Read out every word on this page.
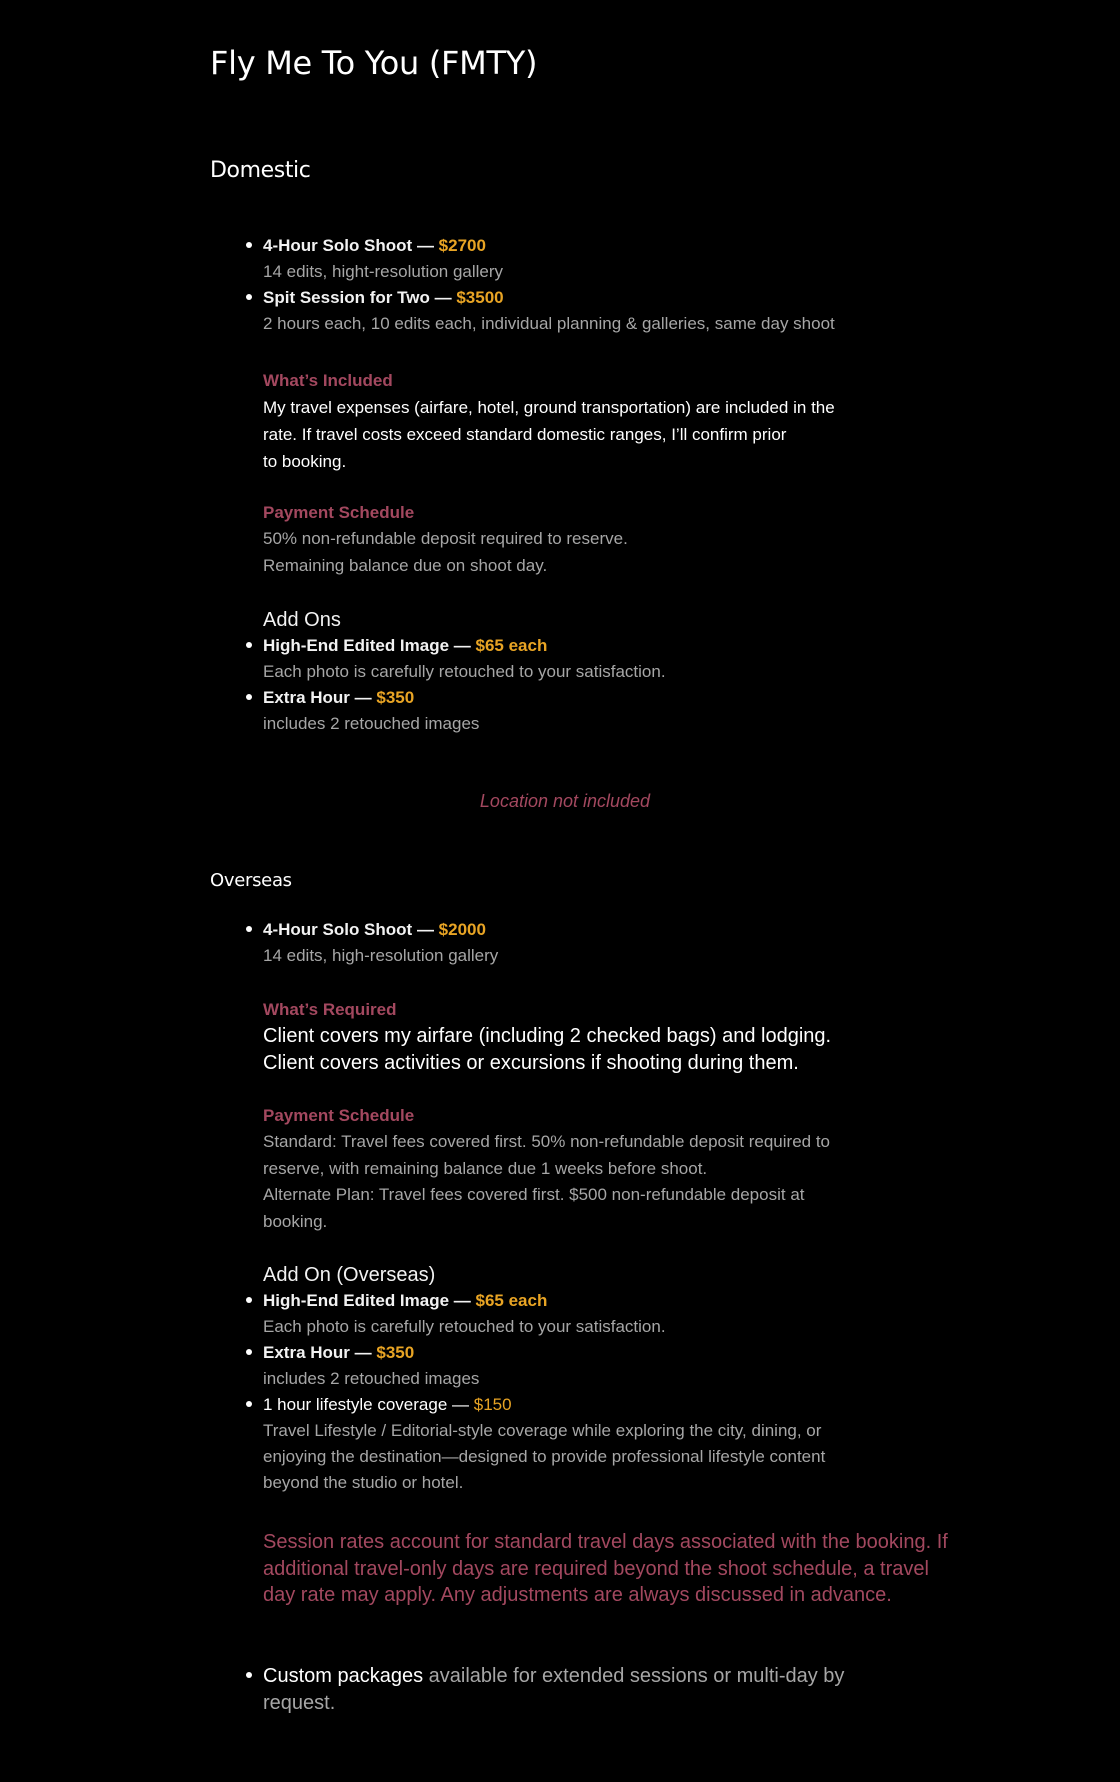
Fly Me To You (FMTY)
Domestic
4-Hour Solo Shoot — $2700
14 edits, hight-resolution gallery
Spit Session for Two — $3500
2 hours each, 10 edits each, individual planning & galleries, same day shoot
What’s Included
My travel expenses (airfare, hotel, ground transportation) are included in the
rate. If travel costs exceed standard domestic ranges, I’ll confirm prior
to booking.
Payment Schedule
50% non-refundable deposit required to reserve.
Remaining balance due on shoot day.
Add Ons
High-End Edited Image — $65 each
Each photo is carefully retouched to your satisfaction.
Extra Hour — $350
includes 2 retouched images
Location not included
Overseas
4-Hour Solo Shoot — $2000
14 edits, high-resolution gallery
What’s Required
Client covers my airfare (including 2 checked bags) and lodging.
Client covers activities or excursions if shooting during them.
Payment Schedule
Standard: Travel fees covered first. 50% non-refundable deposit required to
reserve, with remaining balance due 1 weeks before shoot.
Alternate Plan: Travel fees covered first. $500 non-refundable deposit at
booking.
Add On (Overseas)
High-End Edited Image — $65 each
Each photo is carefully retouched to your satisfaction.
Extra Hour — $350
includes 2 retouched images
1 hour lifestyle coverage — $150
Travel Lifestyle / Editorial-style coverage while exploring the city, dining, or
enjoying the destination—designed to provide professional lifestyle content
beyond the studio or hotel.
Session rates account for standard travel days associated with the booking. If additional travel-only days are required beyond the shoot schedule, a travel day rate may apply. Any adjustments are always discussed in advance.
Custom packages available for extended sessions or multi-day by request.
